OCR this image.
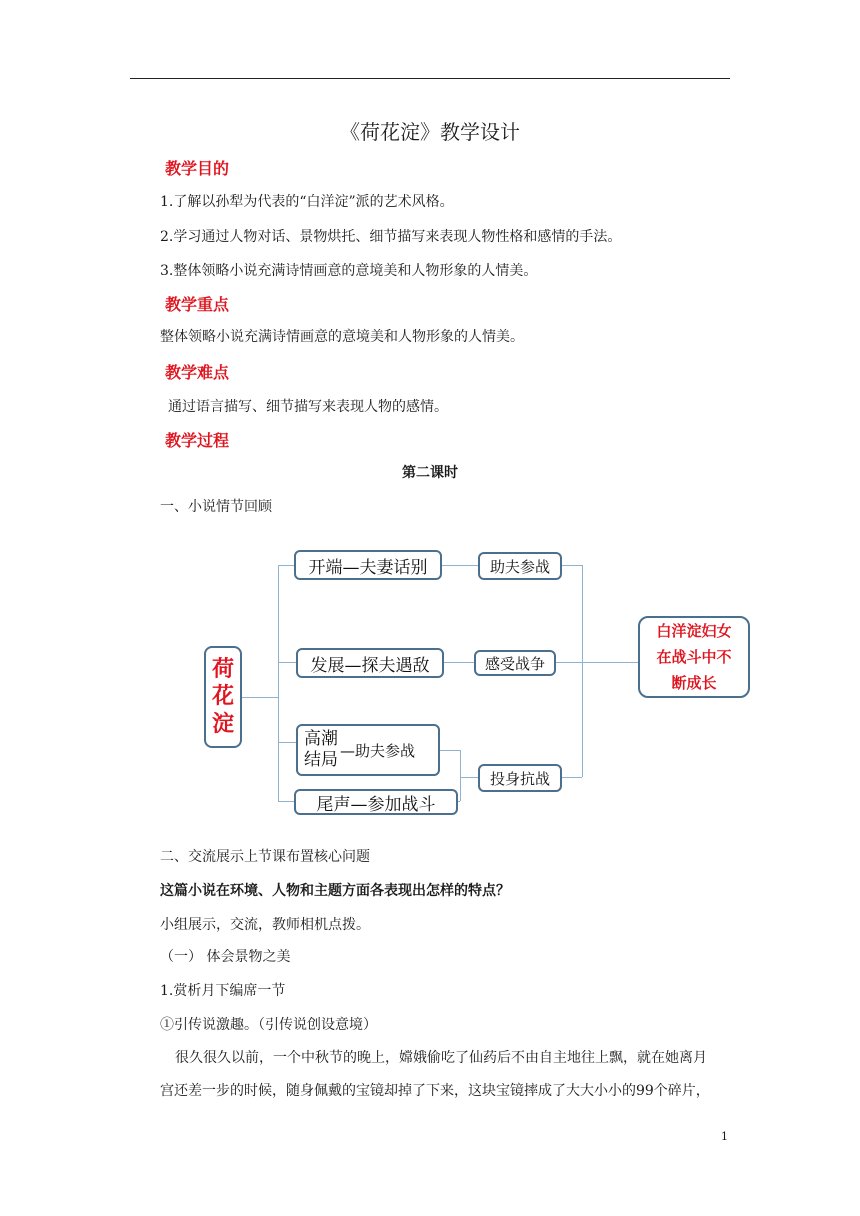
《荷花淀》教学设计
教学目的
1.了解以孙犁为代表的“白洋淀”派的艺术风格。
2.学习通过人物对话、景物烘托、细节描写来表现人物性格和感情的手法。
3.整体领略小说充满诗情画意的意境美和人物形象的人情美。
教学重点
整体领略小说充满诗情画意的意境美和人物形象的人情美。
教学难点
通过语言描写、细节描写来表现人物的感情。
教学过程
第二课时
一、小说情节回顾
荷
花
淀
开端—夫妻话别
发展—探夫遇敌
高潮
结局 —助夫参战
尾声—参加战斗
助夫参战
感受战争
投身抗战
白洋淀妇女
在战斗中不
断成长
二、交流展示上节课布置核心问题
这篇小说在环境、人物和主题方面各表现出怎样的特点？
小组展示，交流，教师相机点拨。
（一） 体会景物之美
1.赏析月下编席一节
①引传说激趣。（引传说创设意境）
很久很久以前，一个中秋节的晚上，嫦娥偷吃了仙药后不由自主地往上飘，就在她离月
宫还差一步的时候，随身佩戴的宝镜却掉了下来，这块宝镜摔成了大大小小的99个碎片，
1
